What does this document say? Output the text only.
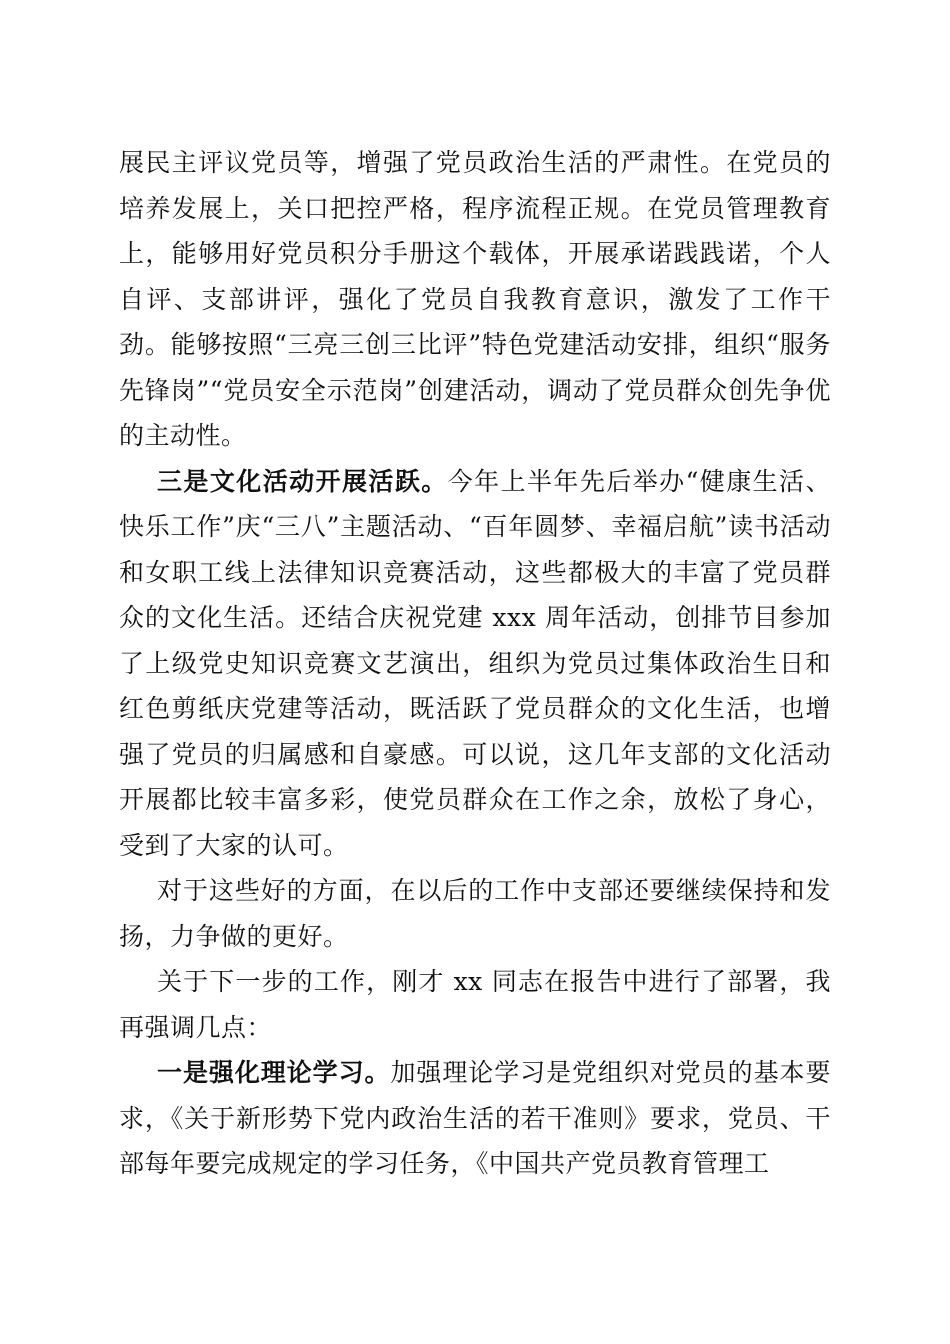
展民主评议党员等，增强了党员政治生活的严肃性。在党员的培养发展上，关口把控严格，程序流程正规。在党员管理教育上，能够用好党员积分手册这个载体，开展承诺践践诺，个人自评、支部讲评，强化了党员自我教育意识，激发了工作干劲。能够按照“三亮三创三比评”特色党建活动安排，组织“服务先锋岗”“党员安全示范岗”创建活动，调动了党员群众创先争优的主动性。

三是文化活动开展活跃。今年上半年先后举办“健康生活、快乐工作”庆“三八”主题活动、“百年圆梦、幸福启航”读书活动和女职工线上法律知识竞赛活动，这些都极大的丰富了党员群众的文化生活。还结合庆祝党建 xxx 周年活动，创排节目参加了上级党史知识竞赛文艺演出，组织为党员过集体政治生日和红色剪纸庆党建等活动，既活跃了党员群众的文化生活，也增强了党员的归属感和自豪感。可以说，这几年支部的文化活动开展都比较丰富多彩，使党员群众在工作之余，放松了身心，受到了大家的认可。

对于这些好的方面，在以后的工作中支部还要继续保持和发扬，力争做的更好。

关于下一步的工作，刚才 xx 同志在报告中进行了部署，我再强调几点：

一是强化理论学习。加强理论学习是党组织对党员的基本要求，《关于新形势下党内政治生活的若干准则》要求，党员、干部每年要完成规定的学习任务，《中国共产党员教育管理工
